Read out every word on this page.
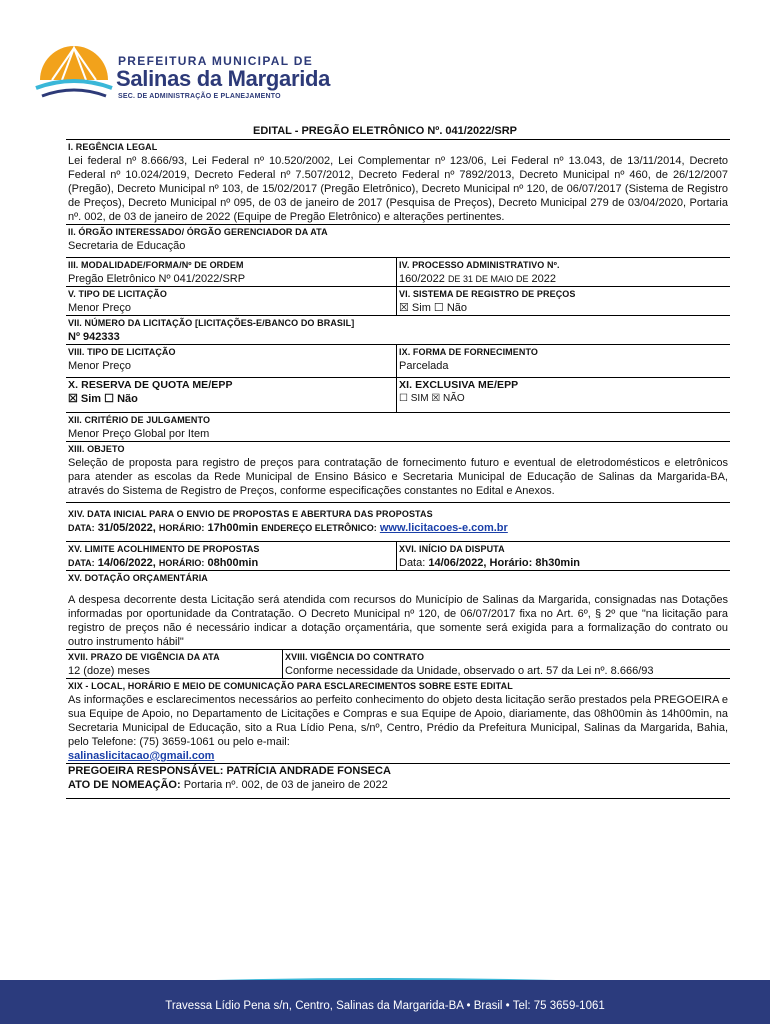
PREFEITURA MUNICIPAL DE
Salinas da Margarida
SEC. DE ADMINISTRAÇÃO E PLANEJAMENTO
EDITAL - PREGÃO ELETRÔNICO Nº. 041/2022/SRP
I. REGÊNCIA LEGAL
Lei federal nº 8.666/93, Lei Federal nº 10.520/2002, Lei Complementar nº 123/06, Lei Federal nº 13.043, de 13/11/2014, Decreto Federal nº 10.024/2019, Decreto Federal nº 7.507/2012, Decreto Federal nº 7892/2013, Decreto Municipal nº 460, de 26/12/2007 (Pregão), Decreto Municipal nº 103, de 15/02/2017 (Pregão Eletrônico), Decreto Municipal nº 120, de 06/07/2017 (Sistema de Registro de Preços), Decreto Municipal nº 095, de 03 de janeiro de 2017 (Pesquisa de Preços), Decreto Municipal 279 de 03/04/2020, Portaria nº. 002, de 03 de janeiro de 2022 (Equipe de Pregão Eletrônico) e alterações pertinentes.
II. ÓRGÃO INTERESSADO/ ÓRGÃO GERENCIADOR DA ATA
Secretaria de Educação
III. MODALIDADE/FORMA/Nº DE ORDEM
Pregão Eletrônico Nº 041/2022/SRP
V. TIPO DE LICITAÇÃO
Menor Preço
IV. PROCESSO ADMINISTRATIVO Nº.
160/2022 DE 31 DE MAIO DE 2022
VI. SISTEMA DE REGISTRO DE PREÇOS
☒ Sim ☐ Não
VII. NÚMERO DA LICITAÇÃO [LICITAÇÕES-E/BANCO DO BRASIL]
Nº 942333
VIII. TIPO DE LICITAÇÃO
Menor Preço
IX. FORMA DE FORNECIMENTO
Parcelada
X. RESERVA DE QUOTA ME/EPP
☒ Sim ☐ Não
XI. EXCLUSIVA ME/EPP
☐ SIM ☒ NÃO
XII. CRITÉRIO DE JULGAMENTO
Menor Preço Global por Item
XIII. OBJETO
Seleção de proposta para registro de preços para contratação de fornecimento futuro e eventual de eletrodomésticos e eletrônicos para atender as escolas da Rede Municipal de Ensino Básico e Secretaria Municipal de Educação de Salinas da Margarida-BA, através do Sistema de Registro de Preços, conforme especificações constantes no Edital e Anexos.
XIV. DATA INICIAL PARA O ENVIO DE PROPOSTAS E ABERTURA DAS PROPOSTAS
DATA: 31/05/2022, HORÁRIO: 17h00min ENDEREÇO ELETRÔNICO: www.licitacoes-e.com.br
XV. LIMITE ACOLHIMENTO DE PROPOSTAS
DATA: 14/06/2022, HORÁRIO: 08h00min
XVI. INÍCIO DA DISPUTA
Data: 14/06/2022, Horário: 8h30min
XV. DOTAÇÃO ORÇAMENTÁRIA
A despesa decorrente desta Licitação será atendida com recursos do Município de Salinas da Margarida, consignadas nas Dotações informadas por oportunidade da Contratação. O Decreto Municipal nº 120, de 06/07/2017 fixa no Art. 6º, § 2º que "na licitação para registro de preços não é necessário indicar a dotação orçamentária, que somente será exigida para a formalização do contrato ou outro instrumento hábil"
XVII. PRAZO DE VIGÊNCIA DA ATA
12 (doze) meses
XVIII. VIGÊNCIA DO CONTRATO
Conforme necessidade da Unidade, observado o art. 57 da Lei nº. 8.666/93
XIX - LOCAL, HORÁRIO E MEIO DE COMUNICAÇÃO PARA ESCLARECIMENTOS SOBRE ESTE EDITAL
As informações e esclarecimentos necessários ao perfeito conhecimento do objeto desta licitação serão prestados pela PREGOEIRA e sua Equipe de Apoio, no Departamento de Licitações e Compras e sua Equipe de Apoio, diariamente, das 08h00min às 14h00min, na Secretaria Municipal de Educação, sito a Rua Lídio Pena, s/nº, Centro, Prédio da Prefeitura Municipal, Salinas da Margarida, Bahia, pelo Telefone: (75) 3659-1061 ou pelo e-mail:
salinaslicitacao@gmail.com
PREGOEIRA RESPONSÁVEL: PATRÍCIA ANDRADE FONSECA
ATO DE NOMEAÇÃO: Portaria nº. 002, de 03 de janeiro de 2022
Travessa Lídio Pena s/n, Centro, Salinas da Margarida-BA • Brasil • Tel: 75 3659-1061
